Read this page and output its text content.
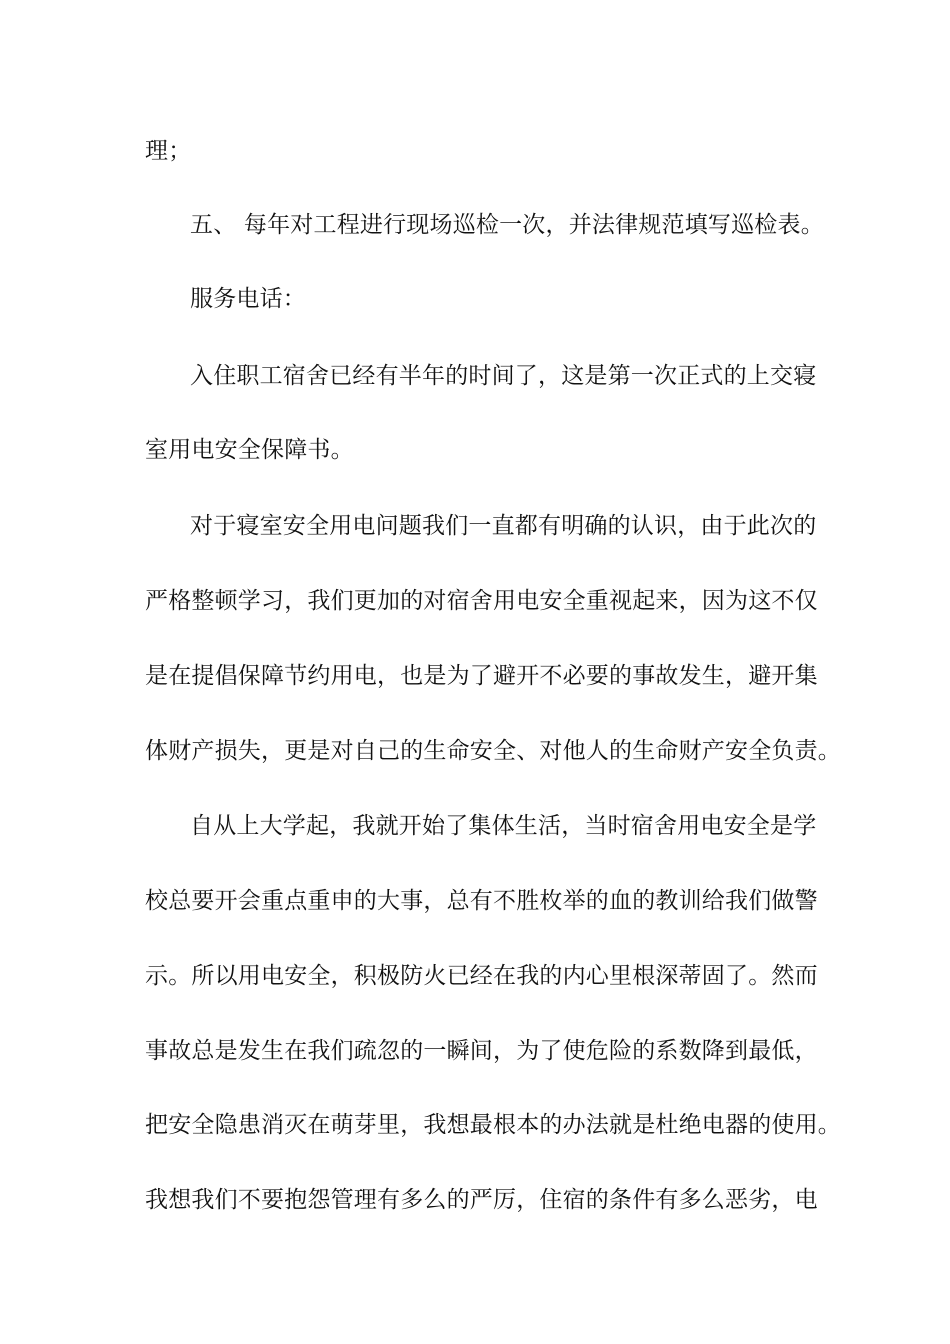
理；
五、 每年对工程进行现场巡检一次，并法律规范填写巡检表。
服务电话：
入住职工宿舍已经有半年的时间了，这是第一次正式的上交寝
室用电安全保障书。
对于寝室安全用电问题我们一直都有明确的认识，由于此次的
严格整顿学习，我们更加的对宿舍用电安全重视起来，因为这不仅
是在提倡保障节约用电，也是为了避开不必要的事故发生，避开集
体财产损失，更是对自己的生命安全、对他人的生命财产安全负责。
自从上大学起，我就开始了集体生活，当时宿舍用电安全是学
校总要开会重点重申的大事，总有不胜枚举的血的教训给我们做警
示。所以用电安全，积极防火已经在我的内心里根深蒂固了。然而
事故总是发生在我们疏忽的一瞬间，为了使危险的系数降到最低，
把安全隐患消灭在萌芽里，我想最根本的办法就是杜绝电器的使用。
我想我们不要抱怨管理有多么的严厉，住宿的条件有多么恶劣，电
